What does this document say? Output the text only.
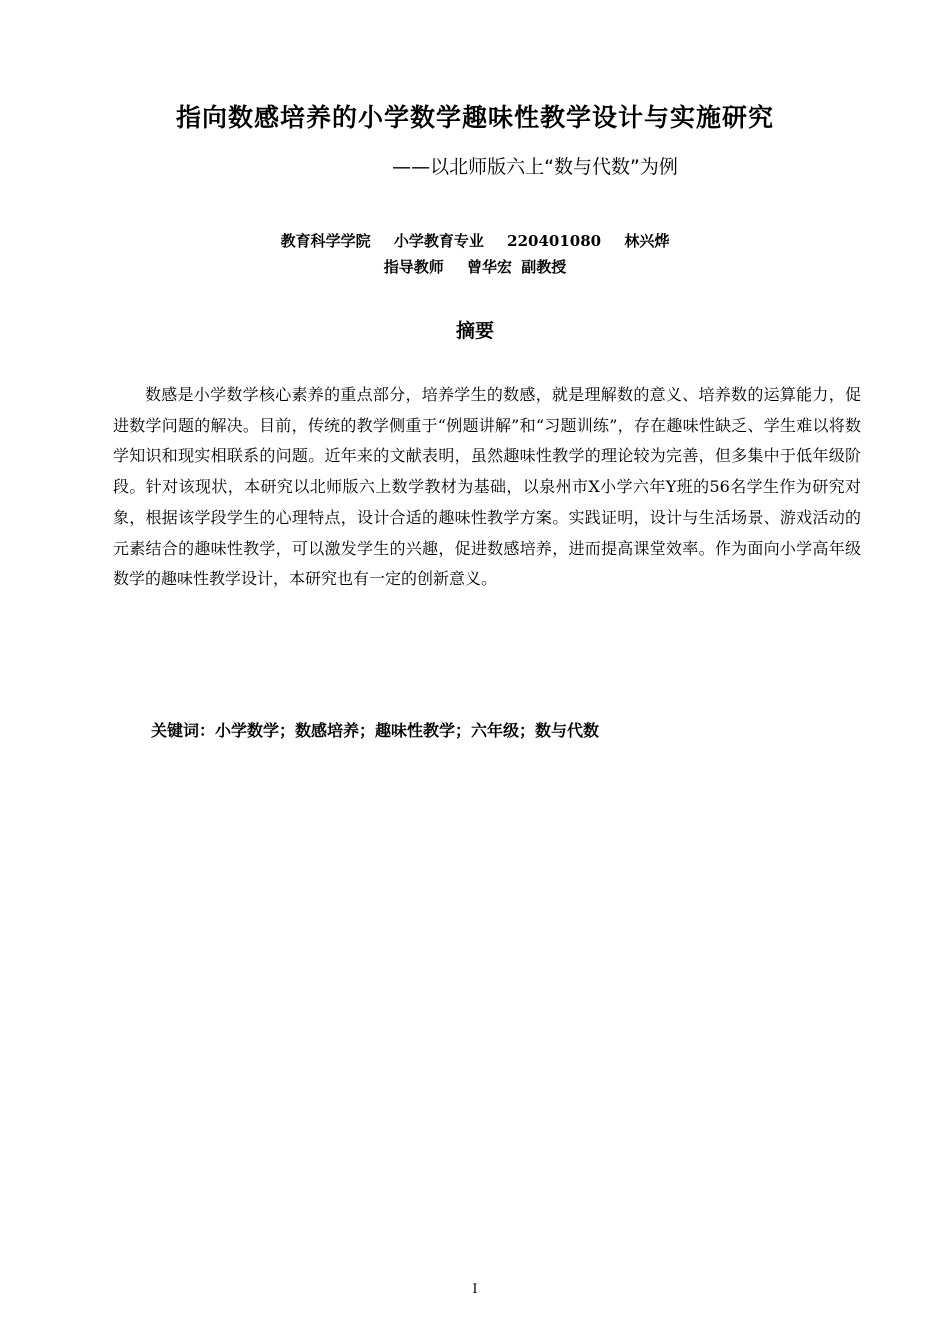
指向数感培养的小学数学趣味性教学设计与实施研究
——以北师版六上“数与代数”为例
教育科学学院 小学教育专业 220401080 林兴烨
指导教师 曾华宏 副教授
摘要

数感是小学数学核心素养的重点部分，培养学生的数感，就是理解数的意义、培养数的运算能力，促进数学问题的解决。目前，传统的教学侧重于“例题讲解”和“习题训练”，存在趣味性缺乏、学生难以将数学知识和现实相联系的问题。近年来的文献表明，虽然趣味性教学的理论较为完善，但多集中于低年级阶段。针对该现状，本研究以北师版六上数学教材为基础，以泉州市X小学六年Y班的56名学生作为研究对象，根据该学段学生的心理特点，设计合适的趣味性教学方案。实践证明，设计与生活场景、游戏活动的元素结合的趣味性教学，可以激发学生的兴趣，促进数感培养，进而提高课堂效率。作为面向小学高年级数学的趣味性教学设计，本研究也有一定的创新意义。

关键词：小学数学；数感培养；趣味性教学；六年级；数与代数
I
